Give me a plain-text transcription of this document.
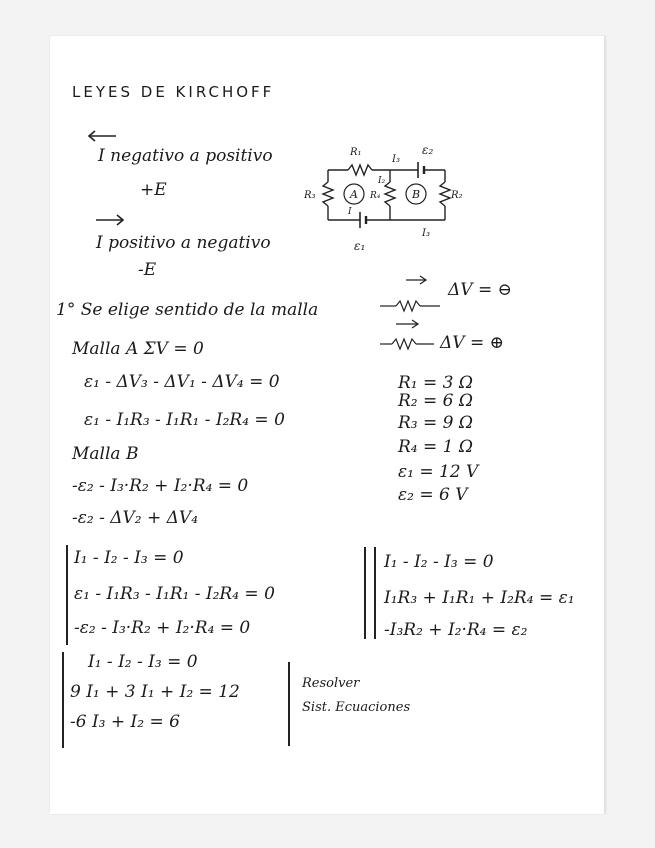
LEYES DE KIRCHOFF
I negativo a positivo
+E
I positivo a negativo
-E
R₁
I₃
ε₂
I₂
R₃	A R₄	B	R₂
I
I₃
ε₁
ΔV = ⊖
ΔV = ⊕
1° Se elige sentido de la malla
Malla A ΣV = 0
ε₁ - ΔV₃ - ΔV₁ - ΔV₄ = 0
ε₁ - I₁R₃ - I₁R₁ - I₂R₄ = 0
Malla B
-ε₂ - I₃·R₂ + I₂·R₄ = 0
-ε₂ - ΔV₂ + ΔV₄
R₁ = 3 Ω
R₂ = 6 Ω
R₃ = 9 Ω
R₄ = 1 Ω
ε₁ = 12 V
ε₂ = 6 V
I₁ - I₂ - I₃ = 0
ε₁ - I₁R₃ - I₁R₁ - I₂R₄ = 0
-ε₂ - I₃·R₂ + I₂·R₄ = 0
I₁ - I₂ - I₃ = 0
I₁R₃ + I₁R₁ + I₂R₄ = ε₁
-I₃R₂ + I₂·R₄ = ε₂
I₁ - I₂ - I₃ = 0
9 I₁ + 3 I₁ + I₂ = 12
-6 I₃ + I₂ = 6
Resolver
Sist. Ecuaciones
